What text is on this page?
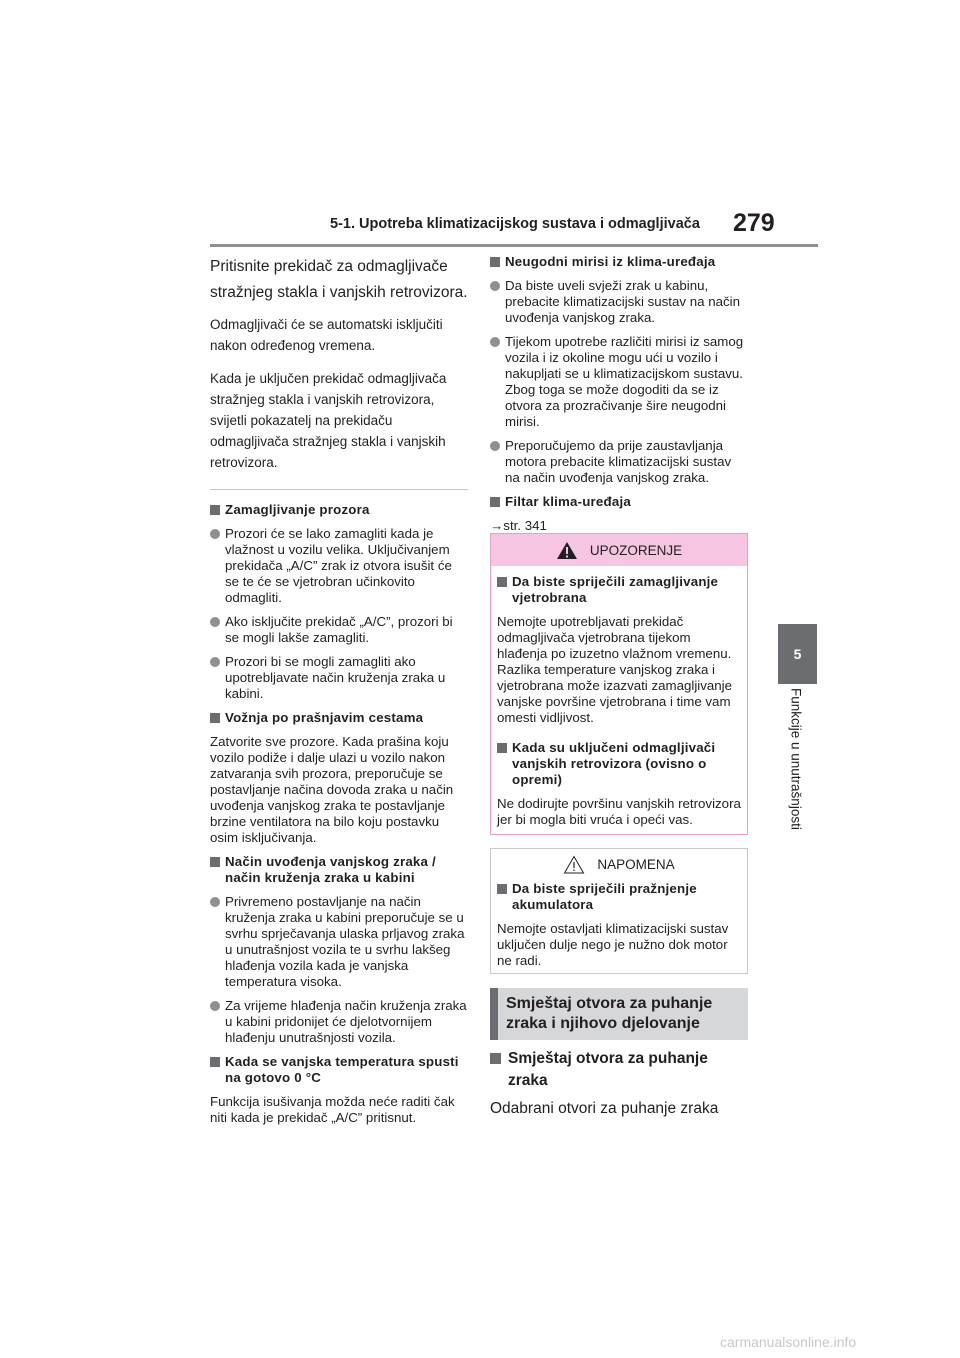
5-1. Upotreba klimatizacijskog sustava i odmagljivača 279
5
Funkcije u unutrašnjosti

Pritisnite prekidač za odmagljivače stražnjeg stakla i vanjskih retrovizora.

Odmagljivači će se automatski isključiti nakon određenog vremena.

Kada je uključen prekidač odmagljivača stražnjeg stakla i vanjskih retrovizora, svijetli pokazatelj na prekidaču odmagljivača stražnjeg stakla i vanjskih retrovizora.

Zamagljivanje prozora
Prozori će se lako zamagliti kada je vlažnost u vozilu velika. Uključivanjem prekidača „A/C” zrak iz otvora isušit će se te će se vjetrobran učinkovito odmagliti.
Ako isključite prekidač „A/C”, prozori bi se mogli lakše zamagliti.
Prozori bi se mogli zamagliti ako upotrebljavate način kruženja zraka u kabini.
Vožnja po prašnjavim cestama

Zatvorite sve prozore. Kada prašina koju vozilo podiže i dalje ulazi u vozilo nakon zatvaranja svih prozora, preporučuje se postavljanje načina dovoda zraka u način uvođenja vanjskog zraka te postavljanje brzine ventilatora na bilo koju postavku osim isključivanja.

Način uvođenja vanjskog zraka / način kruženja zraka u kabini
Privremeno postavljanje na način kruženja zraka u kabini preporučuje se u svrhu sprječavanja ulaska prljavog zraka u unutrašnjost vozila te u svrhu lakšeg hlađenja vozila kada je vanjska temperatura visoka.
Za vrijeme hlađenja način kruženja zraka u kabini pridonijet će djelotvornijem hlađenju unutrašnjosti vozila.
Kada se vanjska temperatura spusti na gotovo 0 °C

Funkcija isušivanja možda neće raditi čak niti kada je prekidač „A/C” pritisnut.

Neugodni mirisi iz klima-uređaja
Da biste uveli svježi zrak u kabinu, prebacite klimatizacijski sustav na način uvođenja vanjskog zraka.
Tijekom upotrebe različiti mirisi iz samog vozila i iz okoline mogu ući u vozilo i nakupljati se u klimatizacijskom sustavu. Zbog toga se može dogoditi da se iz otvora za prozračivanje šire neugodni mirisi.
Preporučujemo da prije zaustavljanja motora prebacite klimatizacijski sustav na način uvođenja vanjskog zraka.
Filtar klima-uređaja

→str. 341

UPOZORENJE
Da biste spriječili zamagljivanje vjetrobrana

Nemojte upotrebljavati prekidač odmagljivača vjetrobrana tijekom hlađenja po izuzetno vlažnom vremenu. Razlika temperature vanjskog zraka i vjetrobrana može izazvati zamagljivanje vanjske površine vjetrobrana i time vam omesti vidljivost.

Kada su uključeni odmagljivači vanjskih retrovizora (ovisno o opremi)

Ne dodirujte površinu vanjskih retrovizora jer bi mogla biti vruća i opeći vas.

NAPOMENA
Da biste spriječili pražnjenje akumulatora

Nemojte ostavljati klimatizacijski sustav uključen dulje nego je nužno dok motor ne radi.

Smještaj otvora za puhanje zraka i njihovo djelovanje
Smještaj otvora za puhanje zraka

Odabrani otvori za puhanje zraka

carmanualsonline.info
